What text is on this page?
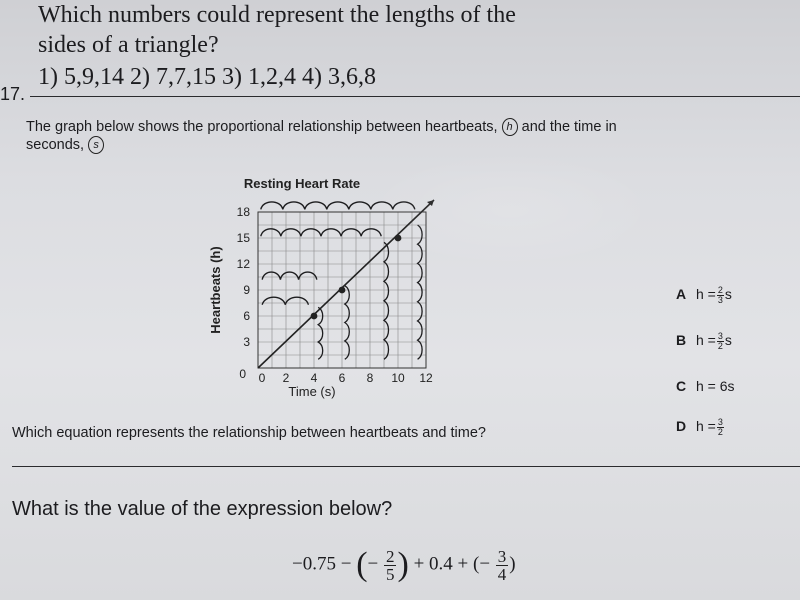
Which numbers could represent the lengths of the
sides of a triangle?
1) 5,9,14 2) 7,7,15 3) 1,2,4 4) 3,6,8
17.
The graph below shows the proportional relationship between heartbeats, h and the time in
seconds, s
Resting Heart Rate
0 2 4 6 8 10 12
0
3
6
9
12
15
18
Time (s)
Heartbeats (h)	A $h = \frac{2}{3}$ s
B $h = \frac{3}{2}$ s
C h = 6s
D $h = \frac{3}{2}$
Which equation represents the relationship between heartbeats and time?
What is the value of the expression below?
−0.75 − (− $\frac{2}{5}) + 0.4$ + (− $\frac{3}{4}$)
